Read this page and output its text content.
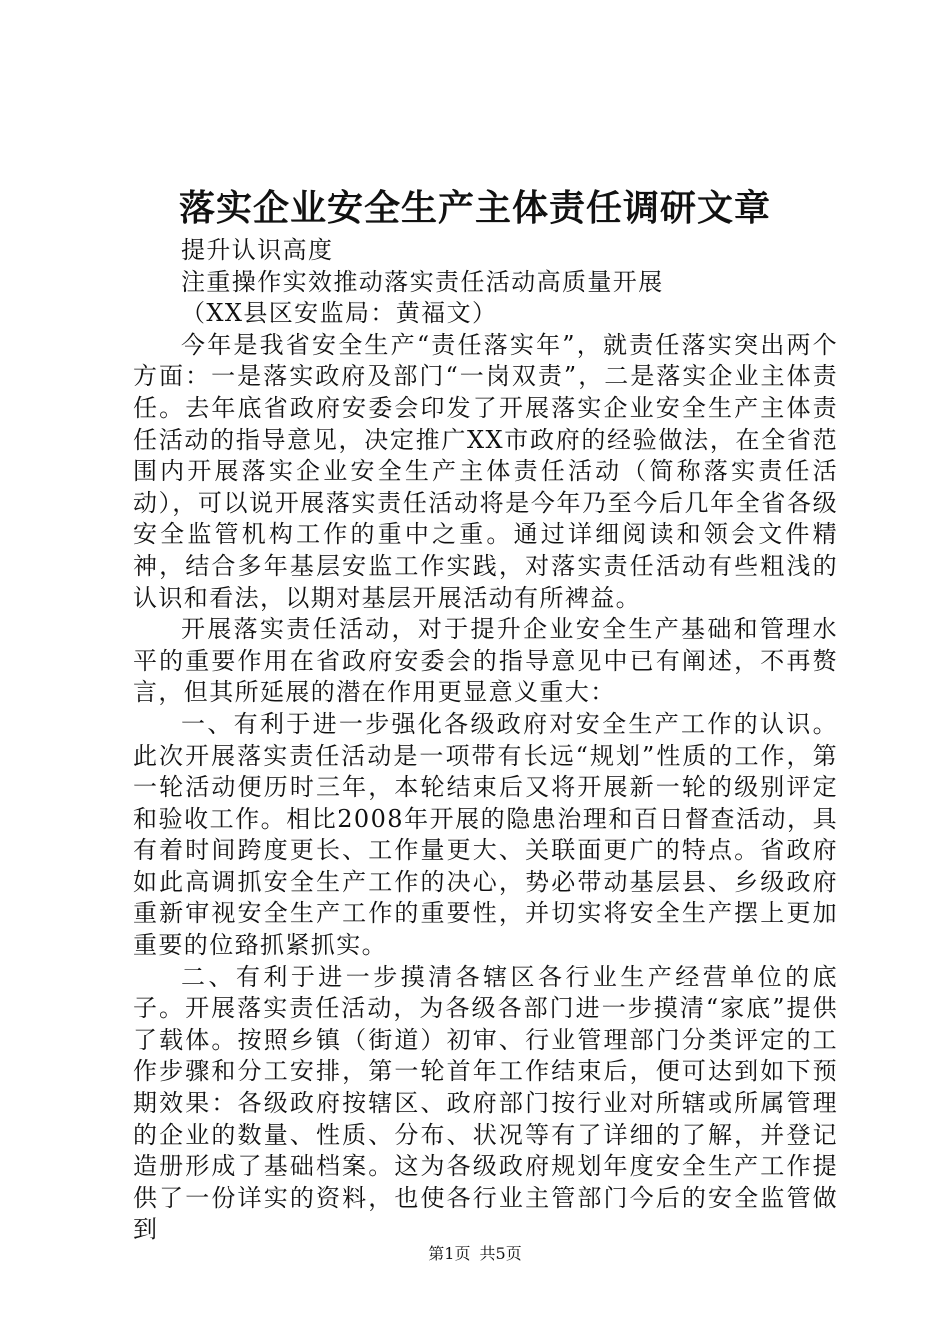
落实企业安全生产主体责任调研文章

提升认识高度

注重操作实效推动落实责任活动高质量开展

（XX县区安监局：黄福文）

今年是我省安全生产“责任落实年”，就责任落实突出两个方面：一是落实政府及部门“一岗双责”，二是落实企业主体责任。去年底省政府安委会印发了开展落实企业安全生产主体责任活动的指导意见，决定推广XX市政府的经验做法，在全省范围内开展落实企业安全生产主体责任活动（简称落实责任活动），可以说开展落实责任活动将是今年乃至今后几年全省各级安全监管机构工作的重中之重。通过详细阅读和领会文件精神，结合多年基层安监工作实践，对落实责任活动有些粗浅的认识和看法，以期对基层开展活动有所裨益。

开展落实责任活动，对于提升企业安全生产基础和管理水平的重要作用在省政府安委会的指导意见中已有阐述，不再赘言，但其所延展的潜在作用更显意义重大：

一、有利于进一步强化各级政府对安全生产工作的认识。此次开展落实责任活动是一项带有长远“规划”性质的工作，第一轮活动便历时三年，本轮结束后又将开展新一轮的级别评定和验收工作。相比2008年开展的隐患治理和百日督查活动，具有着时间跨度更长、工作量更大、关联面更广的特点。省政府如此高调抓安全生产工作的决心，势必带动基层县、乡级政府重新审视安全生产工作的重要性，并切实将安全生产摆上更加重要的位臵抓紧抓实。

二、有利于进一步摸清各辖区各行业生产经营单位的底子。开展落实责任活动，为各级各部门进一步摸清“家底”提供了载体。按照乡镇（街道）初审、行业管理部门分类评定的工作步骤和分工安排，第一轮首年工作结束后，便可达到如下预期效果：各级政府按辖区、政府部门按行业对所辖或所属管理的企业的数量、性质、分布、状况等有了详细的了解，并登记造册形成了基础档案。这为各级政府规划年度安全生产工作提供了一份详实的资料，也使各行业主管部门今后的安全监管做到

第1页 共5页
